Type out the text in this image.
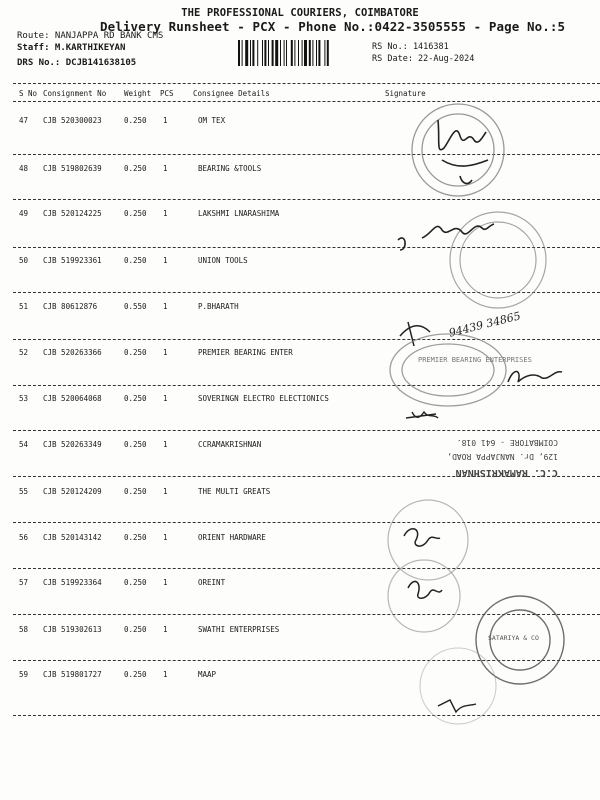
THE PROFESSIONAL COURIERS, COIMBATORE
Delivery Runsheet - PCX - Phone No.:0422-3505555 - Page No.:5
Route: NANJAPPA RD BANK CMS
Staff: M.KARTHIKEYAN
DRS No.: DCJB141638105
RS No.: 1416381
RS Date: 22-Aug-2024
S No Consignment No Weight PCS	Consignee Details	Signature
47 CJB 520300023	0.250 1	OM TEX
48 CJB 519802639	0.250 1	BEARING &TOOLS
49 CJB 520124225	0.250 1	LAKSHMI LNARASHIMA
50 CJB 519923361	0.250 1	UNION TOOLS
51 CJB 80612876	0.550 1	P.BHARATH
52 CJB 520263366	0.250 1	PREMIER BEARING ENTER
53 CJB 520064068	0.250 1	SOVERINGN ELECTRO ELECTIONICS
54 CJB 520263349	0.250 1	CCRAMAKRISHNAN
55 CJB 520124209	0.250 1	THE MULTI GREATS
56 CJB 520143142	0.250 1	ORIENT HARDWARE
57 CJB 519923364	0.250 1	OREINT
58 CJB 519302613	0.250 1	SWATHI ENTERPRISES
59 CJB 519801727	0.250 1	MAAP
PREMIER BEARING ENTERPRISES
C.C. RAMAKRISHNAN
129, Dr. NANJAPPA ROAD,
COIMBATORE - 641 018.
SATARIYA & CO
94439 34865
